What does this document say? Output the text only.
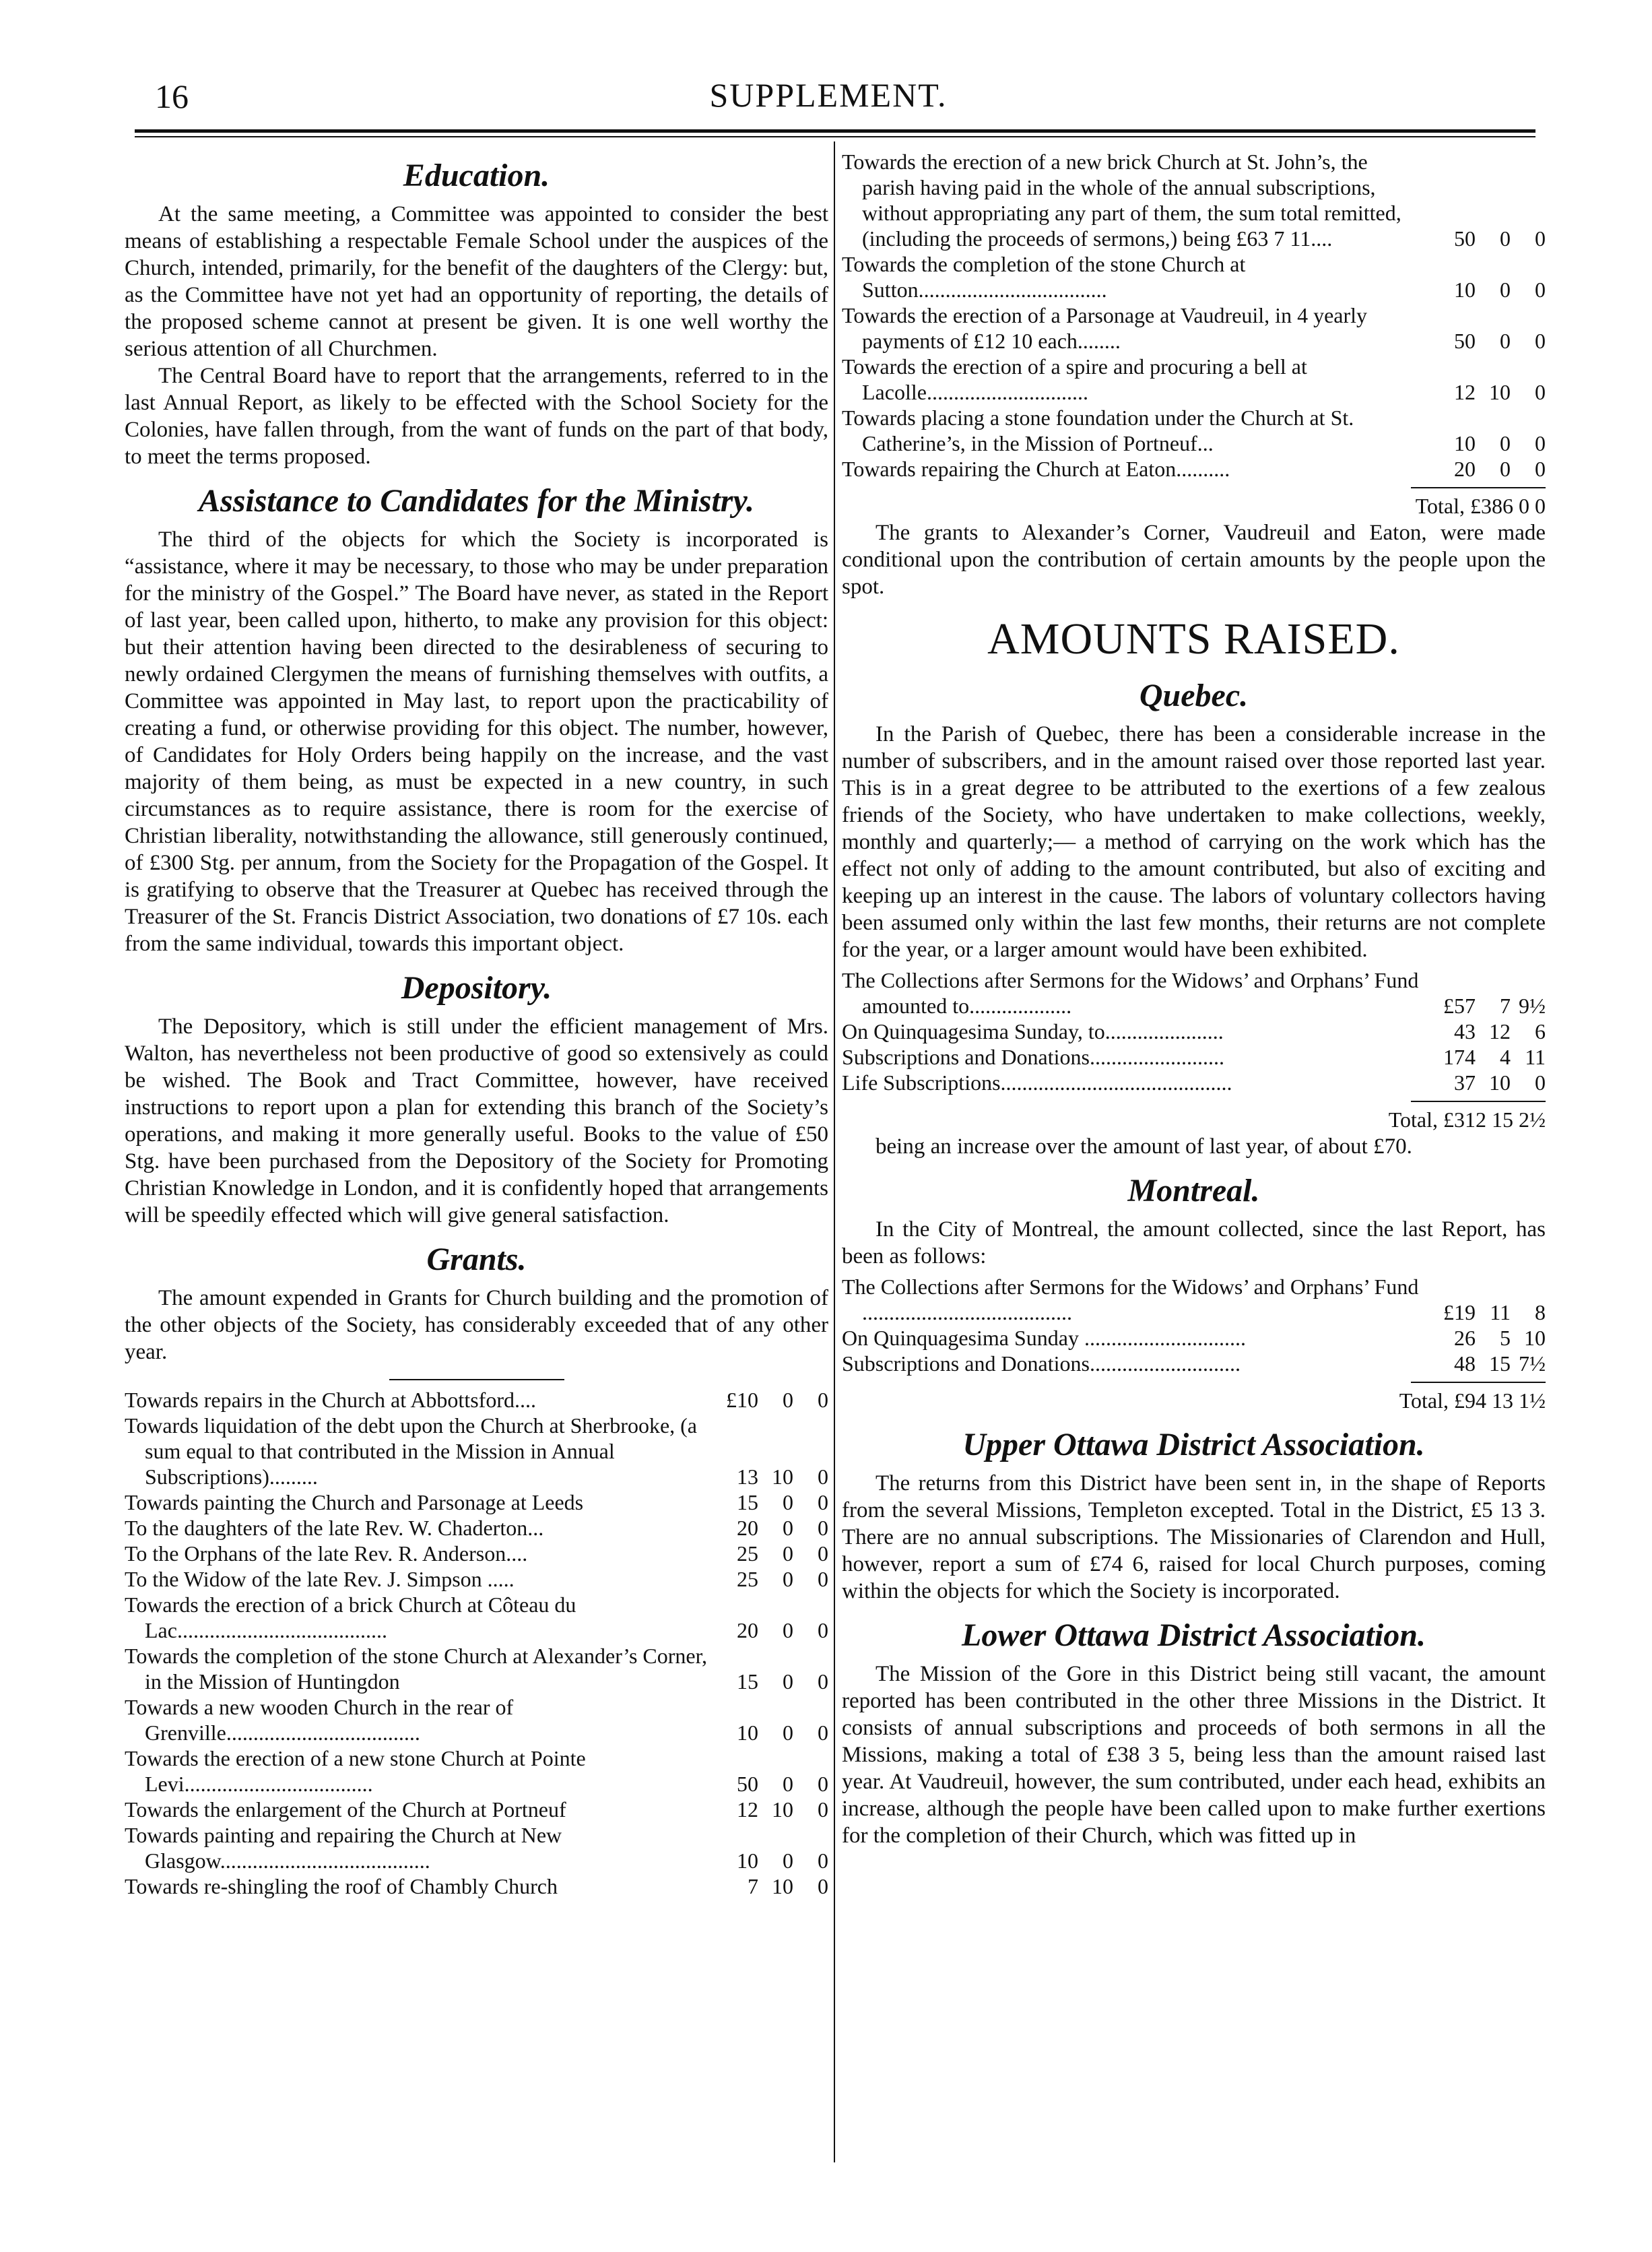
16	SUPPLEMENT.
Education.

At the same meeting, a Committee was appointed to consider the best means of establishing a respectable Female School under the auspices of the Church, intended, primarily, for the benefit of the daughters of the Clergy: but, as the Committee have not yet had an opportunity of reporting, the details of the proposed scheme cannot at present be given. It is one well worthy the serious attention of all Churchmen.

The Central Board have to report that the arrangements, referred to in the last Annual Report, as likely to be effected with the School Society for the Colonies, have fallen through, from the want of funds on the part of that body, to meet the terms proposed.

Assistance to Candidates for the Ministry.

The third of the objects for which the Society is incorporated is “assistance, where it may be necessary, to those who may be under preparation for the ministry of the Gospel.” The Board have never, as stated in the Report of last year, been called upon, hitherto, to make any provision for this object: but their attention having been directed to the desirableness of securing to newly ordained Clergymen the means of furnishing themselves with outfits, a Committee was appointed in May last, to report upon the practicability of creating a fund, or otherwise providing for this object. The number, however, of Candidates for Holy Orders being happily on the increase, and the vast majority of them being, as must be expected in a new country, in such circumstances as to require assistance, there is room for the exercise of Christian liberality, notwithstanding the allowance, still generously continued, of £300 Stg. per annum, from the Society for the Propagation of the Gospel. It is gratifying to observe that the Treasurer at Quebec has received through the Treasurer of the St. Francis District Association, two donations of £7 10s. each from the same individual, towards this important object.

Depository.

The Depository, which is still under the efficient management of Mrs. Walton, has nevertheless not been productive of good so extensively as could be wished. The Book and Tract Committee, however, have received instructions to report upon a plan for extending this branch of the Society’s operations, and making it more generally useful. Books to the value of £50 Stg. have been purchased from the Depository of the Society for Promoting Christian Knowledge in London, and it is confidently hoped that arrangements will be speedily effected which will give general satisfaction.

Grants.

The amount expended in Grants for Church building and the promotion of the other objects of the Society, has considerably exceeded that of any other year.

Towards repairs in the Church at Abbottsford....	£10	0	0
Towards liquidation of the debt upon the Church at Sherbrooke, (a sum equal to that contributed in the Mission in Annual Subscriptions).........	13 10	0
Towards painting the Church and Parsonage at Leeds	15	0	0
To the daughters of the late Rev. W. Chaderton...	20	0	0
To the Orphans of the late Rev. R. Anderson....	25	0	0
To the Widow of the late Rev. J. Simpson .....	25	0	0
Towards the erection of a brick Church at Côteau du Lac.......................................	20	0	0
Towards the completion of the stone Church at Alexander’s Corner, in the Mission of Huntingdon	15	0	0
Towards a new wooden Church in the rear of Grenville....................................	10	0	0
Towards the erection of a new stone Church at Pointe Levi...................................	50	0	0
Towards the enlargement of the Church at Portneuf	12 10	0
Towards painting and repairing the Church at New Glasgow.......................................	10	0	0
Towards re-shingling the roof of Chambly Church	7 10	0
Towards the erection of a new brick Church at St. John’s, the parish having paid in the whole of the annual subscriptions, without appropriating any part of them, the sum total remitted, (including the proceeds of sermons,) being £63 7 11....	50	0	0
Towards the completion of the stone Church at Sutton...................................	10	0	0
Towards the erection of a Parsonage at Vaudreuil, in 4 yearly payments of £12 10 each........	50	0	0
Towards the erection of a spire and procuring a bell at Lacolle..............................	12 10	0
Towards placing a stone foundation under the Church at St. Catherine’s, in the Mission of Portneuf...	10	0	0
Towards repairing the Church at Eaton..........	20	0	0
Total, £386 0 0

The grants to Alexander’s Corner, Vaudreuil and Eaton, were made conditional upon the contribution of certain amounts by the people upon the spot.

AMOUNTS RAISED.
Quebec.

In the Parish of Quebec, there has been a considerable increase in the number of subscribers, and in the amount raised over those reported last year. This is in a great degree to be attributed to the exertions of a few zealous friends of the Society, who have undertaken to make collections, weekly, monthly and quarterly;— a method of carrying on the work which has the effect not only of adding to the amount contributed, but also of exciting and keeping up an interest in the cause. The labors of voluntary collectors having been assumed only within the last few months, their returns are not complete for the year, or a larger amount would have been exhibited.

The Collections after Sermons for the Widows’ and Orphans’ Fund amounted to...................	£57	7 9½
On Quinquagesima Sunday, to......................	43 12	6
Subscriptions and Donations.........................	174	4 11
Life Subscriptions...........................................	37 10	0
Total, £312 15 2½

being an increase over the amount of last year, of about £70.

Montreal.

In the City of Montreal, the amount collected, since the last Report, has been as follows:

The Collections after Sermons for the Widows’ and Orphans’ Fund .......................................	£19 11	8
On Quinquagesima Sunday ..............................	26	5 10
Subscriptions and Donations............................	48 15 7½
Total, £94 13 1½
Upper Ottawa District Association.

The returns from this District have been sent in, in the shape of Reports from the several Missions, Templeton excepted. Total in the District, £5 13 3. There are no annual subscriptions. The Missionaries of Clarendon and Hull, however, report a sum of £74 6, raised for local Church purposes, coming within the objects for which the Society is incorporated.

Lower Ottawa District Association.

The Mission of the Gore in this District being still vacant, the amount reported has been contributed in the other three Missions in the District. It consists of annual subscriptions and proceeds of both sermons in all the Missions, making a total of £38 3 5, being less than the amount raised last year. At Vaudreuil, however, the sum contributed, under each head, exhibits an increase, although the people have been called upon to make further exertions for the completion of their Church, which was fitted up in
